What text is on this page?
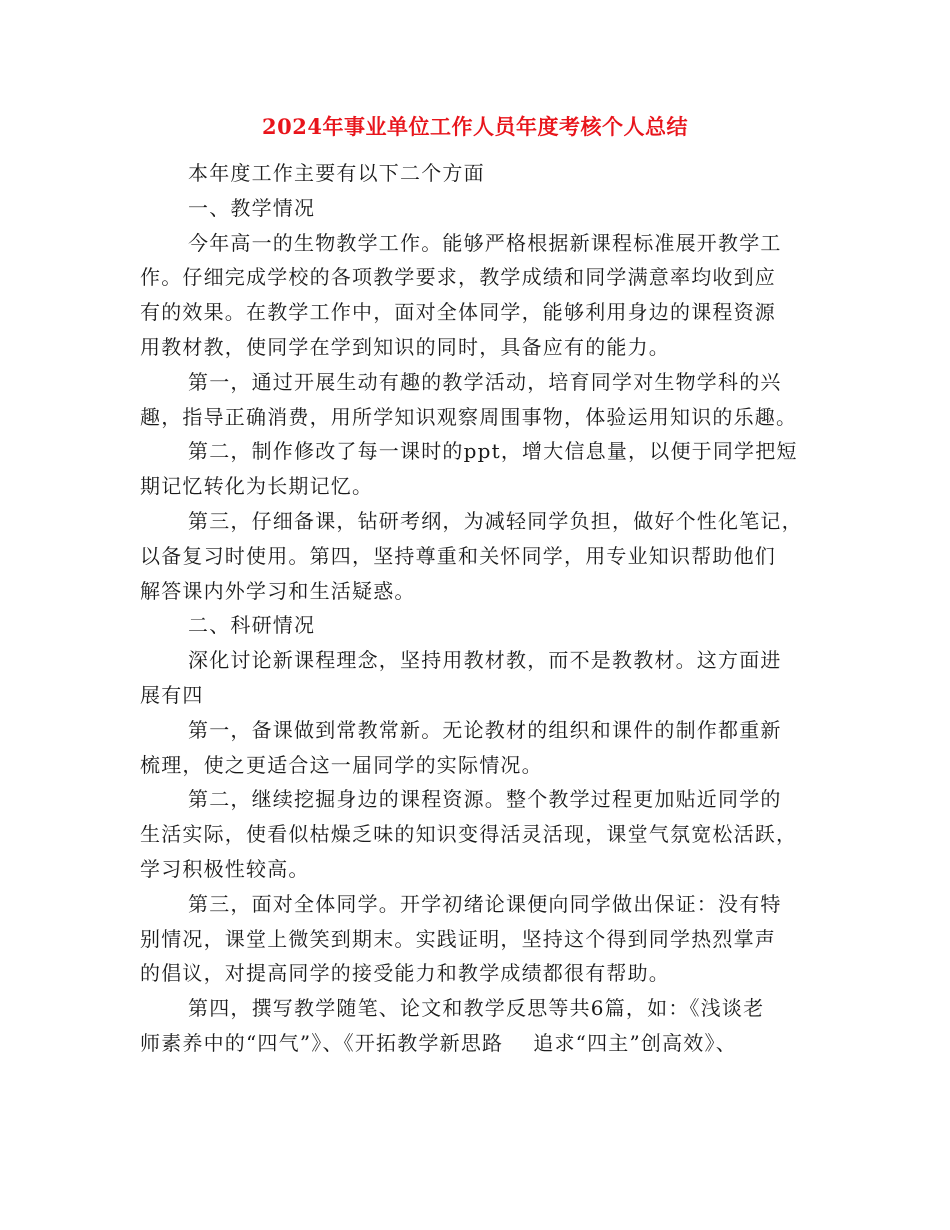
2024年事业单位工作人员年度考核个人总结
本年度工作主要有以下二个方面
一、教学情况
今年高一的生物教学工作。能够严格根据新课程标准展开教学工
作。仔细完成学校的各项教学要求，教学成绩和同学满意率均收到应
有的效果。在教学工作中，面对全体同学，能够利用身边的课程资源
用教材教，使同学在学到知识的同时，具备应有的能力。
第一，通过开展生动有趣的教学活动，培育同学对生物学科的兴
趣，指导正确消费，用所学知识观察周围事物，体验运用知识的乐趣。
第二，制作修改了每一课时的ppt，增大信息量，以便于同学把短
期记忆转化为长期记忆。
第三，仔细备课，钻研考纲，为减轻同学负担，做好个性化笔记，
以备复习时使用。第四，坚持尊重和关怀同学，用专业知识帮助他们
解答课内外学习和生活疑惑。
二、科研情况
深化讨论新课程理念，坚持用教材教，而不是教教材。这方面进
展有四
第一，备课做到常教常新。无论教材的组织和课件的制作都重新
梳理，使之更适合这一届同学的实际情况。
第二，继续挖掘身边的课程资源。整个教学过程更加贴近同学的
生活实际，使看似枯燥乏味的知识变得活灵活现，课堂气氛宽松活跃，
学习积极性较高。
第三，面对全体同学。开学初绪论课便向同学做出保证：没有特
别情况，课堂上微笑到期末。实践证明，坚持这个得到同学热烈掌声
的倡议，对提高同学的接受能力和教学成绩都很有帮助。
第四，撰写教学随笔、论文和教学反思等共6篇，如：《浅谈老
师素养中的“四气”》、《开拓教学新思路 追求“四主”创高效》、
